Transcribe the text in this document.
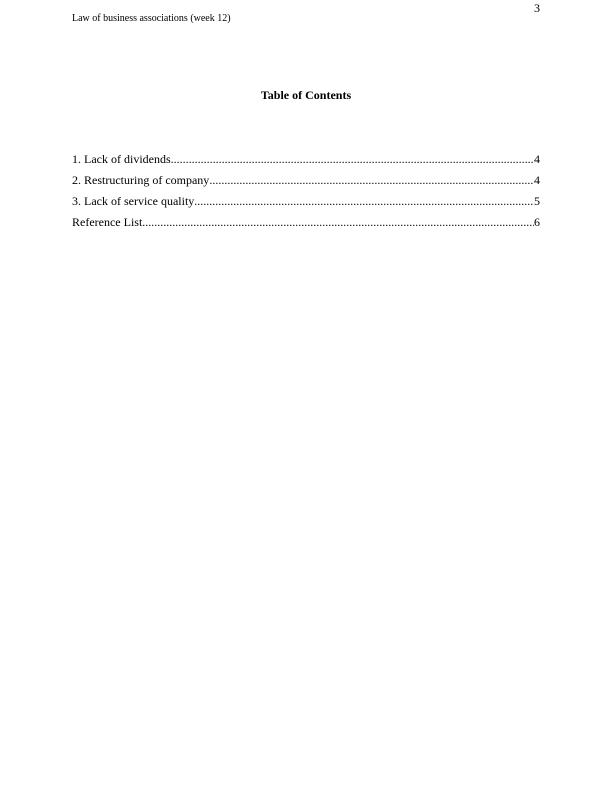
Law of business associations (week 12)
3
Table of Contents
1. Lack of dividends .....	4
2. Restructuring of company .....	4
3. Lack of service quality .....	5
Reference List .....	6
